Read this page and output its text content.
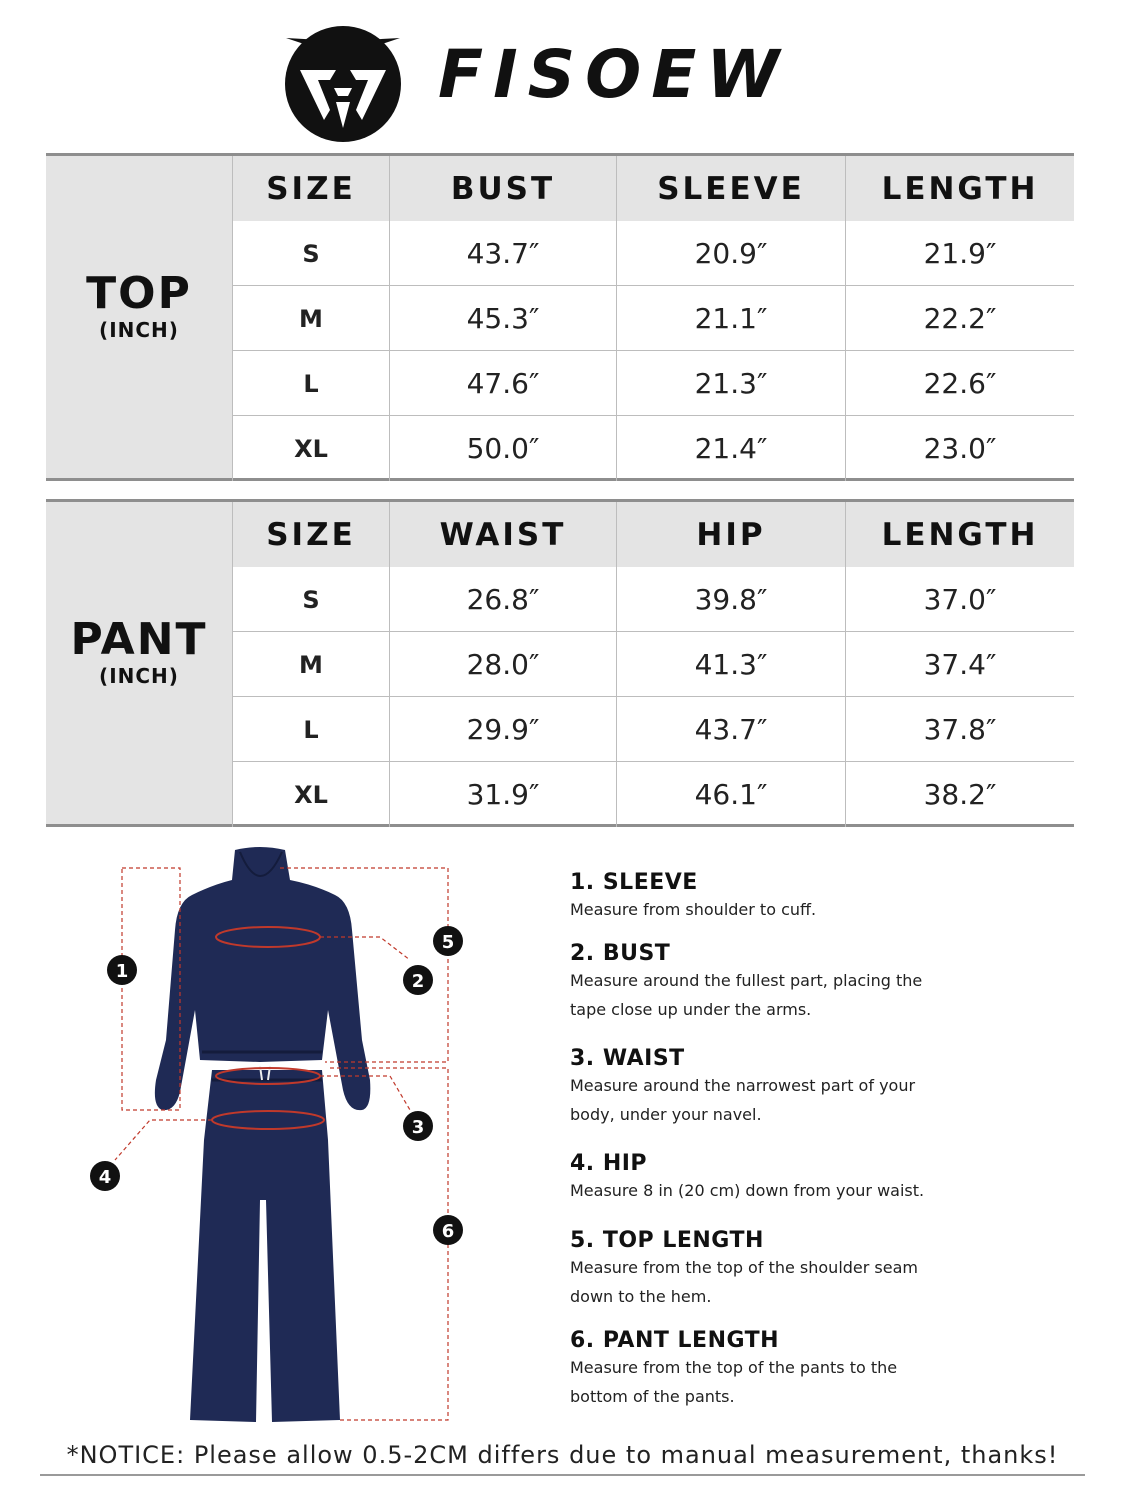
FISOEW
TOP
(INCH)
SIZE	BUST	SLEEVE	LENGTH
S	43.7″	20.9″	21.9″
M	45.3″	21.1″	22.2″
L	47.6″	21.3″	22.6″
XL	50.0″	21.4″	23.0″
PANT
(INCH)
SIZE	WAIST	HIP	LENGTH
S	26.8″	39.8″	37.0″
M	28.0″	41.3″	37.4″
L	29.9″	43.7″	37.8″
XL	31.9″	46.1″	38.2″
1	2
3
4
5
6
1. SLEEVE
Measure from shoulder to cuff.
2. BUST
Measure around the fullest part, placing the tape close up under the arms.
3. WAIST
Measure around the narrowest part of your body, under your navel.
4. HIP
Measure 8 in (20 cm) down from your waist.
5. TOP LENGTH
Measure from the top of the shoulder seam down to the hem.
6. PANT LENGTH
Measure from the top of the pants to the bottom of the pants.
*NOTICE: Please allow 0.5-2CM differs due to manual measurement, thanks!
